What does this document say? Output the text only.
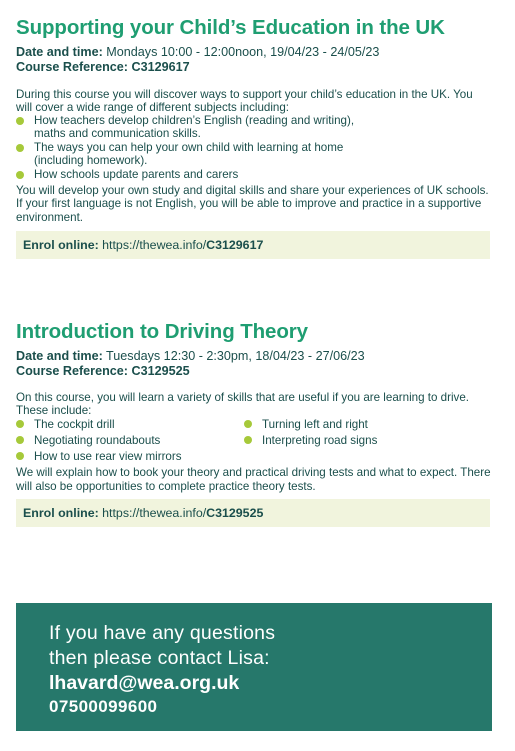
Supporting your Child’s Education in the UK
Date and time: Mondays 10:00 - 12:00noon, 19/04/23 - 24/05/23
Course Reference: C3129617

During this course you will discover ways to support your child’s education in the UK. You will cover a wide range of different subjects including:

How teachers develop children’s English (reading and writing),
maths and communication skills.
The ways you can help your own child with learning at home
(including homework).
How schools update parents and carers

You will develop your own study and digital skills and share your experiences of UK schools. If your first language is not English, you will be able to improve and practice in a supportive environment.

Enrol online: https://thewea.info/C3129617
Introduction to Driving Theory
Date and time: Tuesdays 12:30 - 2:30pm, 18/04/23 - 27/06/23
Course Reference: C3129525

On this course, you will learn a variety of skills that are useful if you are learning to drive. These include:

The cockpit drill	Turning left and right
Negotiating roundabouts	Interpreting road signs
How to use rear view mirrors

We will explain how to book your theory and practical driving tests and what to expect. There will also be opportunities to complete practice theory tests.

Enrol online: https://thewea.info/C3129525
If you have any questions
then please contact Lisa:
lhavard@wea.org.uk
07500099600
